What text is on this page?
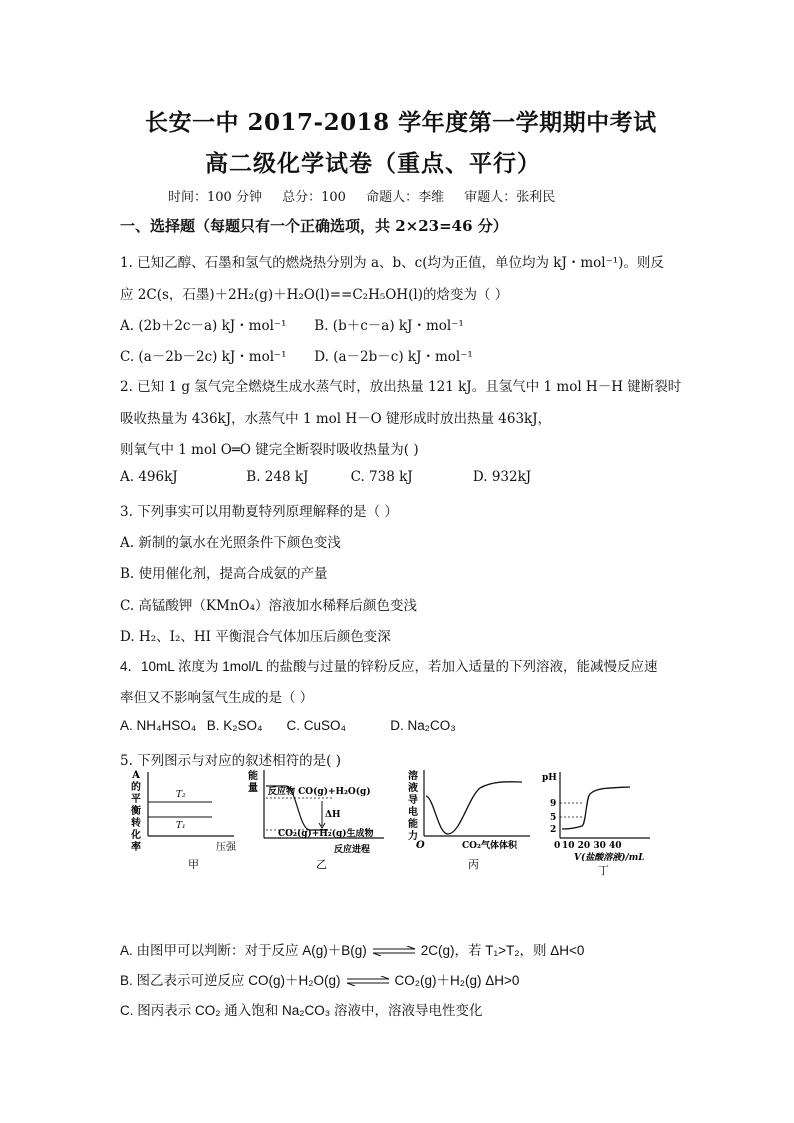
长安一中 2017-2018 学年度第一学期期中考试
高二级化学试卷（重点、平行）
时间：100 分钟 总分：100 命题人：李维 审题人：张利民
一、选择题（每题只有一个正确选项，共 2×23=46 分）
1. 已知乙醇、石墨和氢气的燃烧热分别为 a、b、c(均为正值，单位均为 kJ・mol⁻¹)。则反
应 2C(s，石墨)＋2H₂(g)＋H₂O(l)==C₂H₅OH(l)的焓变为（ ）
A. (2b＋2c－a) kJ・mol⁻¹ B. (b＋c－a) kJ・mol⁻¹
C. (a－2b－2c) kJ・mol⁻¹ D. (a－2b－c) kJ・mol⁻¹
2. 已知 1 g 氢气完全燃烧生成水蒸气时，放出热量 121 kJ。且氢气中 1 mol H－H 键断裂时
吸收热量为 436kJ，水蒸气中 1 mol H－O 键形成时放出热量 463kJ，
则氧气中 1 mol O═O 键完全断裂时吸收热量为( )
A. 496kJ	B. 248 kJ	C. 738 kJ	D. 932kJ
3. 下列事实可以用勒夏特列原理解释的是（ ）
A. 新制的氯水在光照条件下颜色变浅
B. 使用催化剂，提高合成氨的产量
C. 高锰酸钾（KMnO₄）溶液加水稀释后颜色变浅
D. H₂、I₂、HI 平衡混合气体加压后颜色变深
4．10mL 浓度为 1mol/L 的盐酸与过量的锌粉反应，若加入适量的下列溶液，能减慢反应速
率但又不影响氢气生成的是（ ）
A. NH₄HSO₄ B. K₂SO₄ C. CuSO₄	D. Na₂CO₃
5. 下列图示与对应的叙述相符的是( )
A
的
平
衡
转
化
率
T₂
T₁
压强
甲
能
量 反应物 CO(g)+H₂O(g)
ΔH
CO₂(g)+H₂(g)生成物
反应进程
乙
溶
液
导
电
能
力
O	CO₂气体体积
丙
pH
9
5
2
0 10 20 30 40
V(盐酸溶液)/mL
丁
A. 由图甲可以判断：对于反应 A(g)＋B(g) ⇌ 2C(g)，若 T₁>T₂，则 ΔH<0
B. 图乙表示可逆反应 CO(g)＋H₂O(g) ⇌ CO₂(g)＋H₂(g) ΔH>0
C. 图丙表示 CO₂ 通入饱和 Na₂CO₃ 溶液中，溶液导电性变化
